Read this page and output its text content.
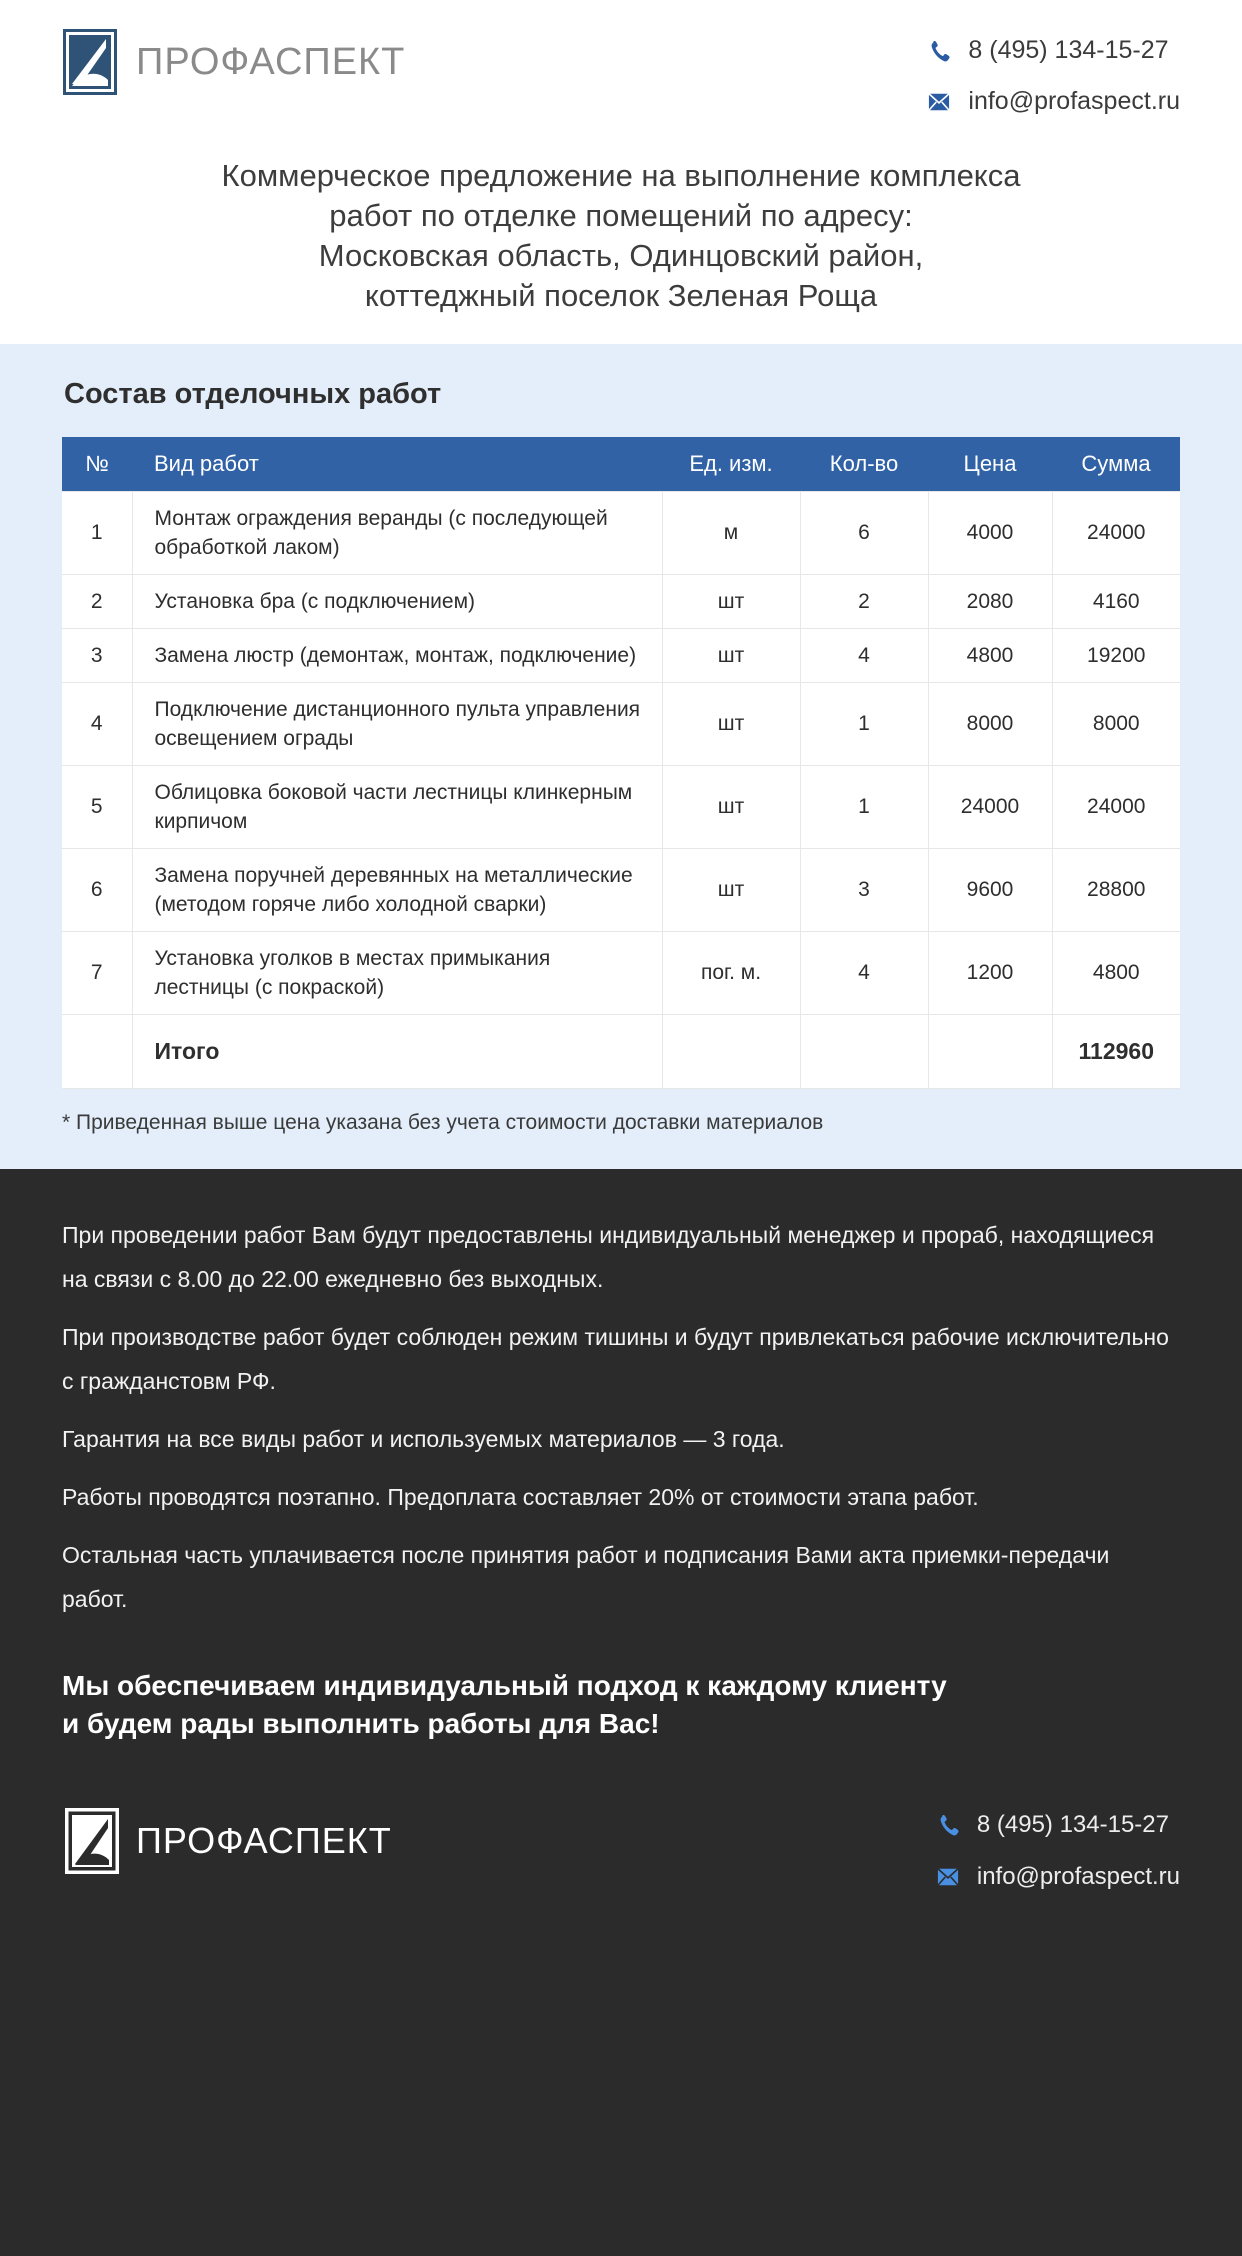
ПРОФАСПЕКТ	8 (495) 134-15-27
info@profaspect.ru
Коммерческое предложение на выполнение комплекса
работ по отделке помещений по адресу:
Московская область, Одинцовский район,
коттеджный поселок Зеленая Роща
Состав отделочных работ
№	Вид работ	Ед. изм.	Кол-во	Цена	Сумма
1	Монтаж ограждения веранды (с последующей обработкой лаком)	м	6	4000	24000
2	Установка бра (с подключением)	шт	2	2080	4160
3	Замена люстр (демонтаж, монтаж, подключение)	шт	4	4800	19200
4	Подключение дистанционного пульта управления освещением ограды	шт	1	8000	8000
5	Облицовка боковой части лестницы клинкерным кирпичом	шт	1	24000	24000
6	Замена поручней деревянных на металлические (методом горяче либо холодной сварки)	шт	3	9600	28800
7	Установка уголков в местах примыкания лестницы (с покраской)	пог. м.	4	1200	4800
	Итого				112960
* Приведенная выше цена указана без учета стоимости доставки материалов
При проведении работ Вам будут предоставлены индивидуальный менеджер и прораб, находящиеся на связи с 8.00 до 22.00 ежедневно без выходных.
При производстве работ будет соблюден режим тишины и будут привлекаться рабочие исключительно с гражданстовм РФ.
Гарантия на все виды работ и используемых материалов — 3 года.
Работы проводятся поэтапно. Предоплата составляет 20% от стоимости этапа работ.
Остальная часть уплачивается после принятия работ и подписания Вами акта приемки-передачи работ.
Мы обеспечиваем индивидуальный подход к каждому клиенту
и будем рады выполнить работы для Вас!
ПРОФАСПЕКТ	8 (495) 134-15-27
info@profaspect.ru
